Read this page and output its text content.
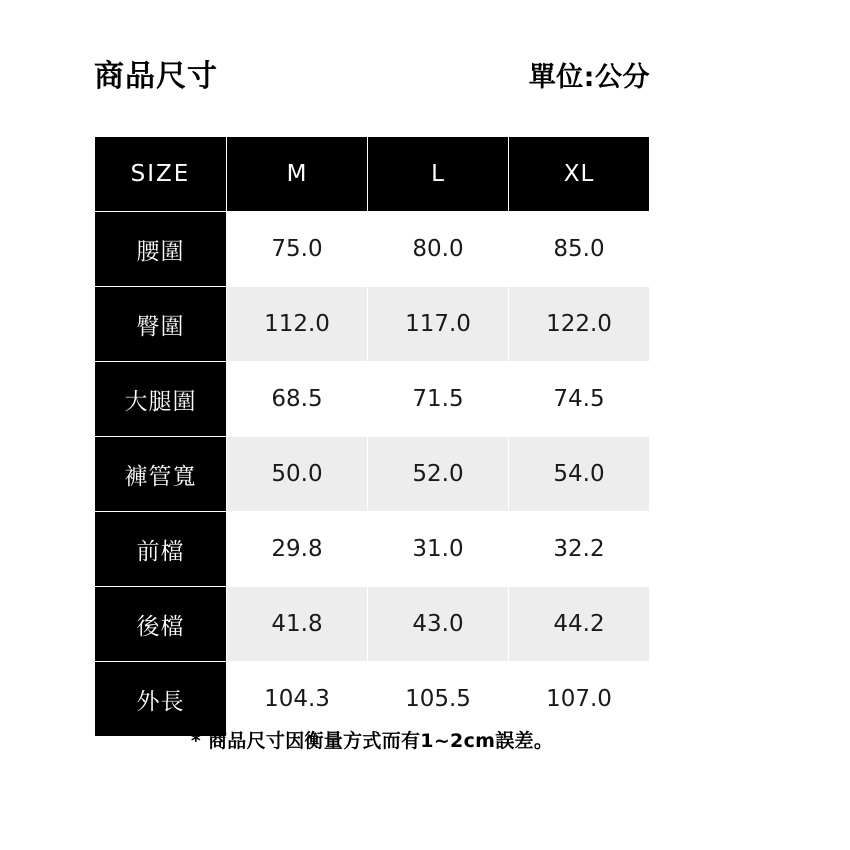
商品尺寸	單位:公分
SIZE	M	L	XL
腰圍	75.0	80.0	85.0
臀圍	112.0	117.0	122.0
大腿圍	68.5	71.5	74.5
褲管寬	50.0	52.0	54.0
前檔	29.8	31.0	32.2
後檔	41.8	43.0	44.2
外長	104.3	105.5	107.0
* 商品尺寸因衡量方式而有1~2cm誤差。
